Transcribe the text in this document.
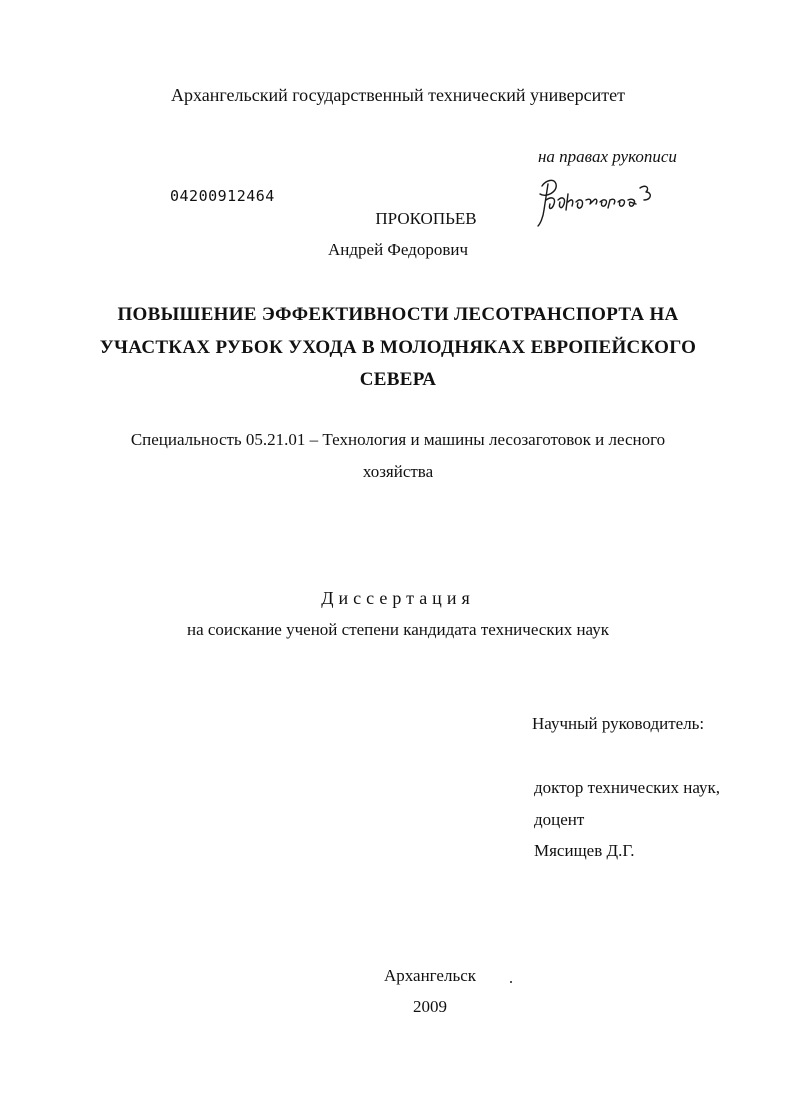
Архангельский государственный технический университет
на правах рукописи
04200912464
ПРОКОПЬЕВ
Андрей Федорович
ПОВЫШЕНИЕ ЭФФЕКТИВНОСТИ ЛЕСОТРАНСПОРТА НА
УЧАСТКАХ РУБОК УХОДА В МОЛОДНЯКАХ ЕВРОПЕЙСКОГО
СЕВЕРА
Специальность 05.21.01 – Технология и машины лесозаготовок и лесного
хозяйства
Диссертация
на соискание ученой степени кандидата технических наук
Научный руководитель:
доктор технических наук,
доцент
Мясищев Д.Г.
Архангельск
2009
